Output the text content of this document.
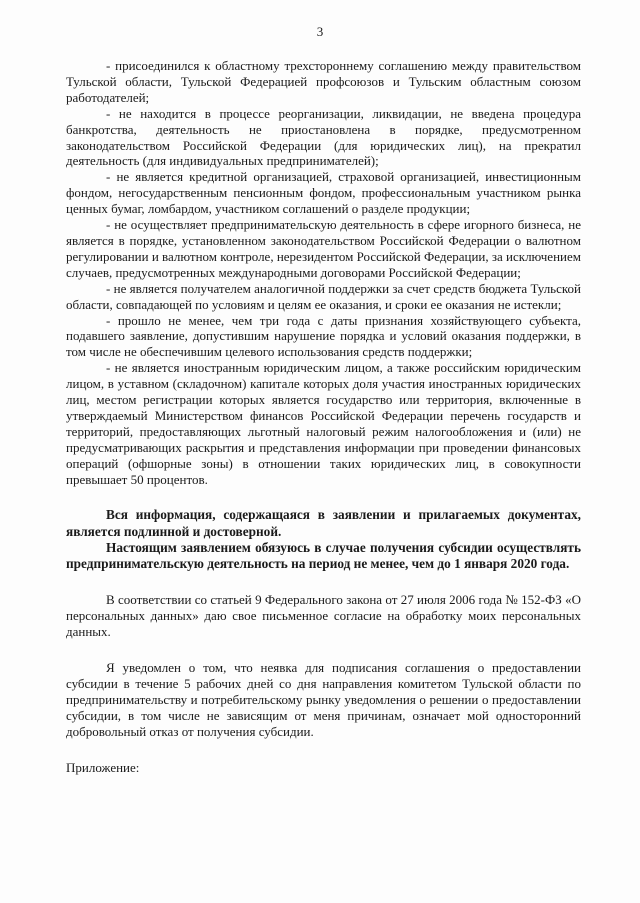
3

- присоединился к областному трехстороннему соглашению между правительством Тульской области, Тульской Федерацией профсоюзов и Тульским областным союзом работодателей;

- не находится в процессе реорганизации, ликвидации, не введена процедура банкротства, деятельность не приостановлена в порядке, предусмотренном законодательством Российской Федерации (для юридических лиц), на прекратил деятельность (для индивидуальных предпринимателей);

- не является кредитной организацией, страховой организацией, инвестиционным фондом, негосударственным пенсионным фондом, профессиональным участником рынка ценных бумаг, ломбардом, участником соглашений о разделе продукции;

- не осуществляет предпринимательскую деятельность в сфере игорного бизнеса, не является в порядке, установленном законодательством Российской Федерации о валютном регулировании и валютном контроле, нерезидентом Российской Федерации, за исключением случаев, предусмотренных международными договорами Российской Федерации;

- не является получателем аналогичной поддержки за счет средств бюджета Тульской области, совпадающей по условиям и целям ее оказания, и сроки ее оказания не истекли;

- прошло не менее, чем три года с даты признания хозяйствующего субъекта, подавшего заявление, допустившим нарушение порядка и условий оказания поддержки, в том числе не обеспечившим целевого использования средств поддержки;

- не является иностранным юридическим лицом, а также российским юридическим лицом, в уставном (складочном) капитале которых доля участия иностранных юридических лиц, местом регистрации которых является государство или территория, включенные в утверждаемый Министерством финансов Российской Федерации перечень государств и территорий, предоставляющих льготный налоговый режим налогообложения и (или) не предусматривающих раскрытия и представления информации при проведении финансовых операций (офшорные зоны) в отношении таких юридических лиц, в совокупности превышает 50 процентов.

Вся информация, содержащаяся в заявлении и прилагаемых документах, является подлинной и достоверной.

Настоящим заявлением обязуюсь в случае получения субсидии осуществлять предпринимательскую деятельность на период не менее, чем до 1 января 2020 года.

В соответствии со статьей 9 Федерального закона от 27 июля 2006 года № 152-ФЗ «О персональных данных» даю свое письменное согласие на обработку моих персональных данных.

Я уведомлен о том, что неявка для подписания соглашения о предоставлении субсидии в течение 5 рабочих дней со дня направления комитетом Тульской области по предпринимательству и потребительскому рынку уведомления о решении о предоставлении субсидии, в том числе не зависящим от меня причинам, означает мой односторонний добровольный отказ от получения субсидии.

Приложение:
